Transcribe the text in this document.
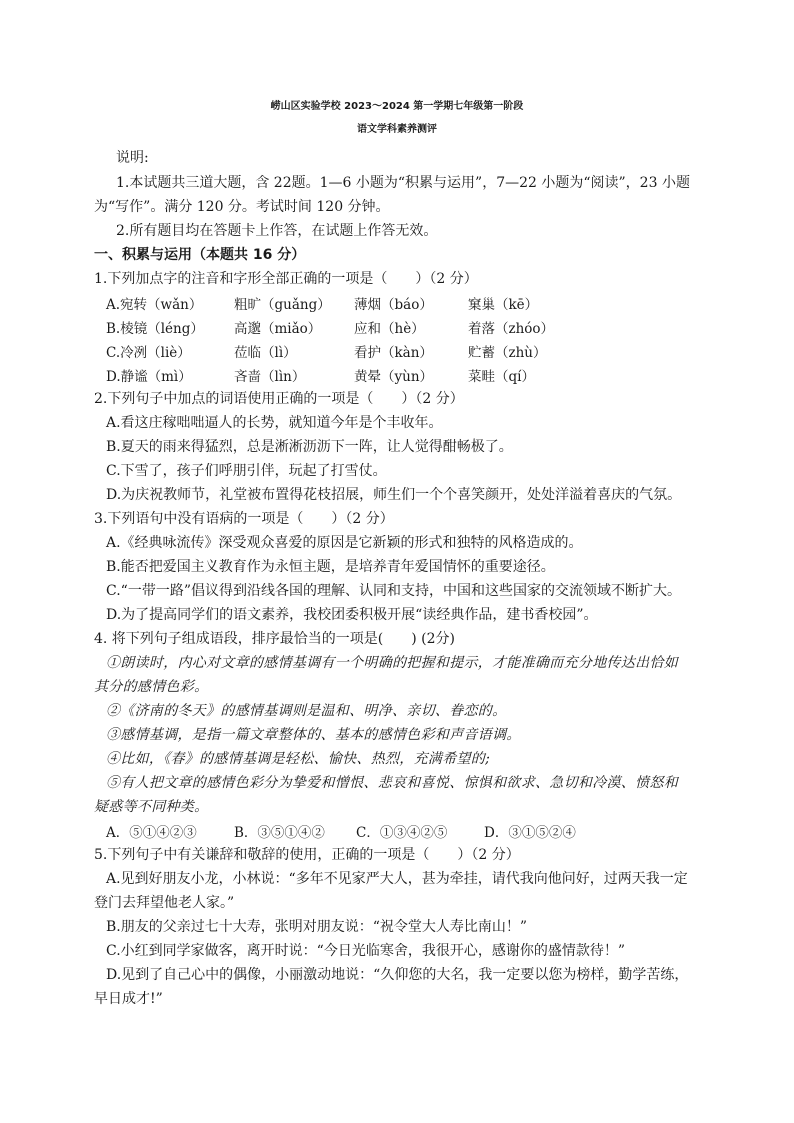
崂山区实验学校 2023～2024 第一学期七年级第一阶段
语文学科素养测评
说明:
1.本试题共三道大题，含 22题。1—6 小题为“积累与运用”，7—22 小题为“阅读”，23 小题
为“写作”。满分 120 分。考试时间 120 分钟。
2.所有题目均在答题卡上作答，在试题上作答无效。
一、积累与运用（本题共 16 分）
1.下列加点字的注音和字形全部正确的一项是（　　）（2 分）
A.宛转（wǎn） 粗旷（guǎng） 薄烟（báo）	窠巢（kē）
B.棱镜（léng） 高邈（miǎo） 应和（hè）	着落（zhóo）
C.冷冽（liè）	莅临（lì）	看护（kàn）	贮蓄（zhù）
D.静谧（mì）	吝啬（lìn）	黄晕（yùn）	菜畦（qí）
2.下列句子中加点的词语使用正确的一项是（　　）（2 分）
A.看这庄稼咄咄逼人的长势，就知道今年是个丰收年。
B.夏天的雨来得猛烈，总是淅淅沥沥下一阵，让人觉得酣畅极了。
C.下雪了，孩子们呼朋引伴，玩起了打雪仗。
D.为庆祝教师节，礼堂被布置得花枝招展，师生们一个个喜笑颜开，处处洋溢着喜庆的气氛。
3.下列语句中没有语病的一项是（　　）（2 分）
A.《经典咏流传》深受观众喜爱的原因是它新颖的形式和独特的风格造成的。
B.能否把爱国主义教育作为永恒主题，是培养青年爱国情怀的重要途径。
C.“一带一路”倡议得到沿线各国的理解、认同和支持，中国和这些国家的交流领域不断扩大。
D.为了提高同学们的语文素养，我校团委积极开展“读经典作品，建书香校园”。
4. 将下列句子组成语段，排序最恰当的一项是(　　) (2分)
①朗读时，内心对文章的感情基调有一个明确的把握和提示，才能准确而充分地传达出恰如
其分的感情色彩。
②《济南的冬天》的感情基调则是温和、明净、亲切、眷恋的。
③感情基调，是指一篇文章整体的、基本的感情色彩和声音语调。
④比如，《春》的感情基调是轻松、愉快、热烈，充满希望的;
⑤有人把文章的感情色彩分为挚爱和憎恨、悲哀和喜悦、惊惧和欲求、急切和冷漠、愤怒和
疑惑等不同种类。
A．⑤①④②③	B．③⑤①④② C．①③④②⑤	D．③①⑤②④
5.下列句子中有关谦辞和敬辞的使用，正确的一项是（　　）（2 分）
A.见到好朋友小龙，小林说：“多年不见家严大人，甚为牵挂，请代我向他问好，过两天我一定
登门去拜望他老人家。”
B.朋友的父亲过七十大寿，张明对朋友说：“祝令堂大人寿比南山！”
C.小红到同学家做客，离开时说：“今日光临寒舍，我很开心，感谢你的盛情款待！”
D.见到了自己心中的偶像，小丽激动地说：“久仰您的大名，我一定要以您为榜样，勤学苦练，
早日成才!”
